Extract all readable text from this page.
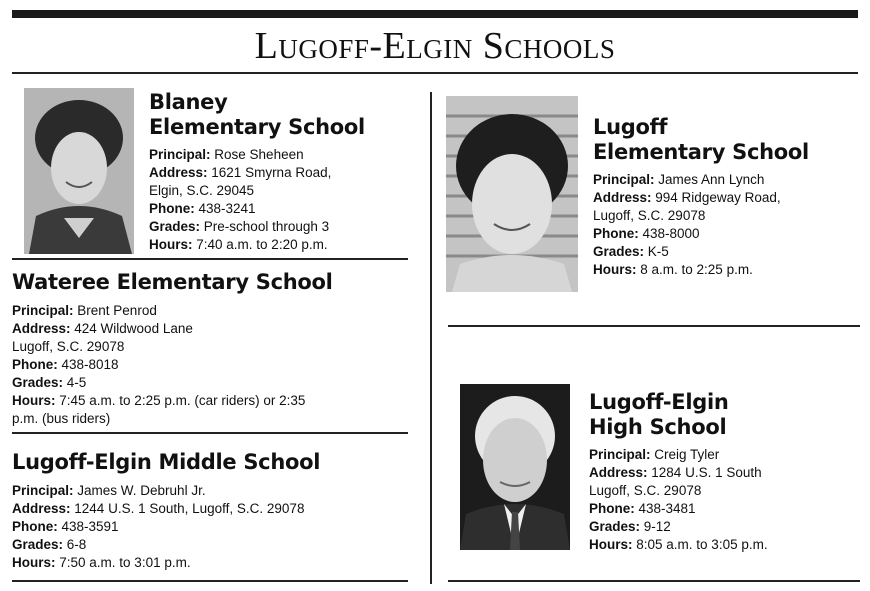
Lugoff-Elgin Schools
Blaney
Elementary School
Principal: Rose Sheheen
Address: 1621 Smyrna Road,
Elgin, S.C. 29045
Phone: 438-3241
Grades: Pre-school through 3
Hours: 7:40 a.m. to 2:20 p.m.
Wateree Elementary School
Principal: Brent Penrod
Address: 424 Wildwood Lane
Lugoff, S.C. 29078
Phone: 438-8018
Grades: 4-5
Hours: 7:45 a.m. to 2:25 p.m. (car riders) or 2:35
p.m. (bus riders)
Lugoff-Elgin Middle School
Principal: James W. Debruhl Jr.
Address: 1244 U.S. 1 South, Lugoff, S.C. 29078
Phone: 438-3591
Grades: 6-8
Hours: 7:50 a.m. to 3:01 p.m.
Lugoff
Elementary School
Principal: James Ann Lynch
Address: 994 Ridgeway Road,
Lugoff, S.C. 29078
Phone: 438-8000
Grades: K-5
Hours: 8 a.m. to 2:25 p.m.
Lugoff-Elgin
High School
Principal: Creig Tyler
Address: 1284 U.S. 1 South
Lugoff, S.C. 29078
Phone: 438-3481
Grades: 9-12
Hours: 8:05 a.m. to 3:05 p.m.
